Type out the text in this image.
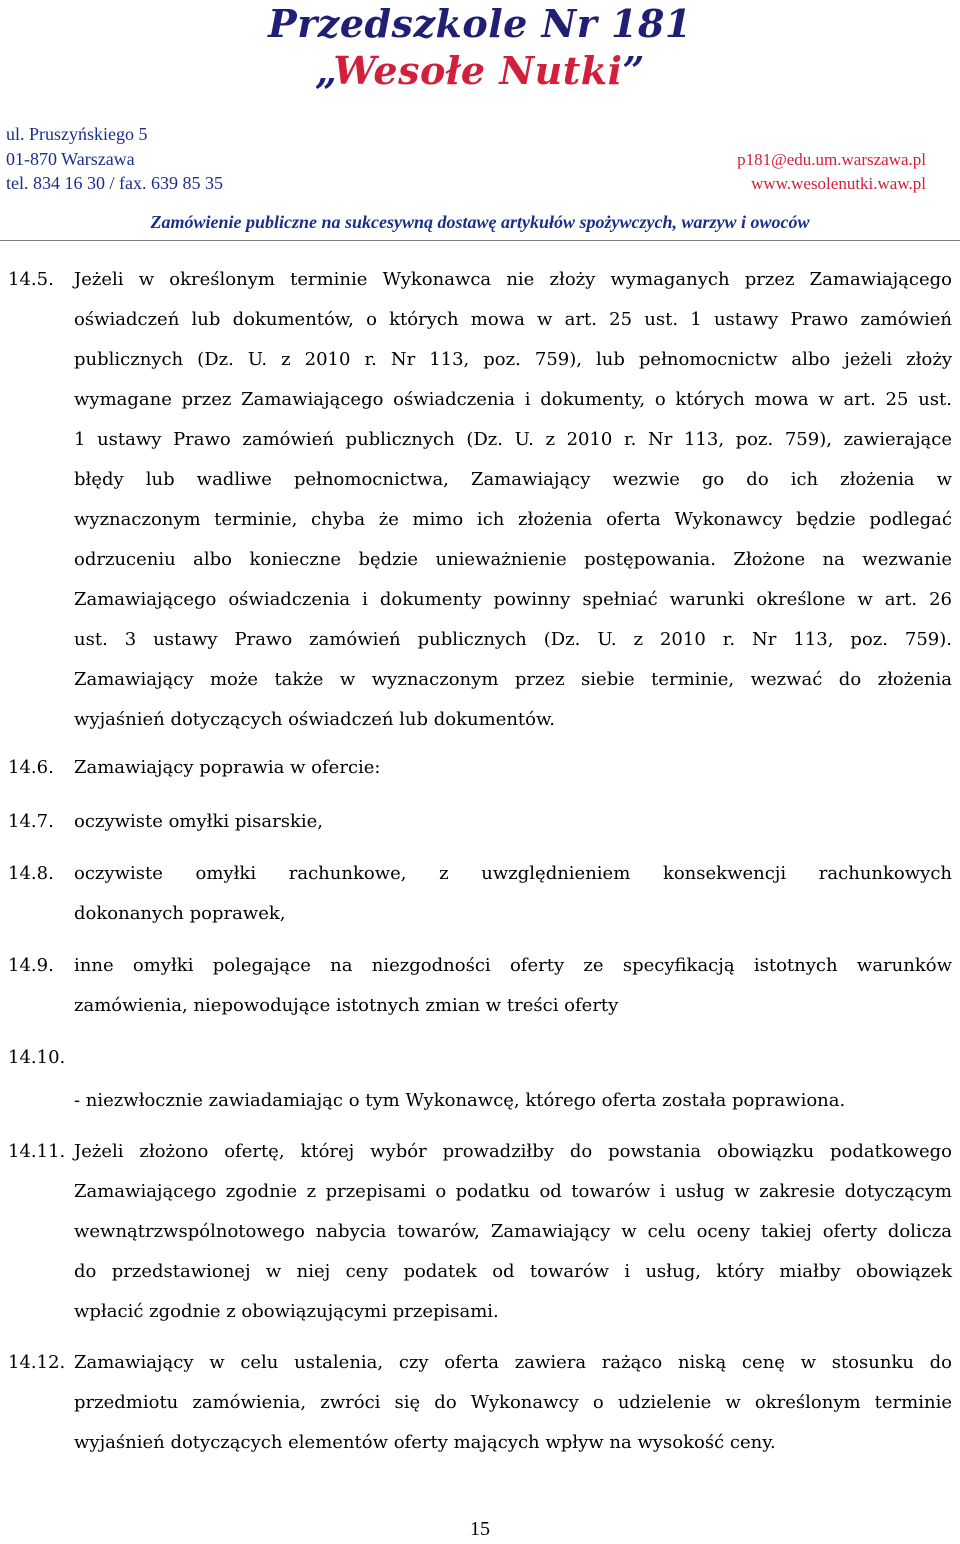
Przedszkole Nr 181
„Wesołe Nutki”
ul. Pruszyńskiego 5
01-870 Warszawa
tel. 834 16 30 / fax. 639 85 35
p181@edu.um.warszawa.pl
www.wesolenutki.waw.pl
Zamówienie publiczne na sukcesywną dostawę artykułów spożywczych, warzyw i owoców
14.5. Jeżeli w określonym terminie Wykonawca nie złoży wymaganych przez Zamawiającego
oświadczeń lub dokumentów, o których mowa w art. 25 ust. 1 ustawy Prawo zamówień
publicznych (Dz. U. z 2010 r. Nr 113, poz. 759), lub pełnomocnictw albo jeżeli złoży
wymagane przez Zamawiającego oświadczenia i dokumenty, o których mowa w art. 25 ust.
1 ustawy Prawo zamówień publicznych (Dz. U. z 2010 r. Nr 113, poz. 759), zawierające
błędy lub wadliwe pełnomocnictwa, Zamawiający wezwie go do ich złożenia w
wyznaczonym terminie, chyba że mimo ich złożenia oferta Wykonawcy będzie podlegać
odrzuceniu albo konieczne będzie unieważnienie postępowania. Złożone na wezwanie
Zamawiającego oświadczenia i dokumenty powinny spełniać warunki określone w art. 26
ust. 3 ustawy Prawo zamówień publicznych (Dz. U. z 2010 r. Nr 113, poz. 759).
Zamawiający może także w wyznaczonym przez siebie terminie, wezwać do złożenia
wyjaśnień dotyczących oświadczeń lub dokumentów.
14.6. Zamawiający poprawia w ofercie:
14.7. oczywiste omyłki pisarskie,
14.8. oczywiste omyłki rachunkowe, z uwzględnieniem konsekwencji rachunkowych
dokonanych poprawek,
14.9. inne omyłki polegające na niezgodności oferty ze specyfikacją istotnych warunków
zamówienia, niepowodujące istotnych zmian w treści oferty
14.10.
- niezwłocznie zawiadamiając o tym Wykonawcę, którego oferta została poprawiona.
14.11. Jeżeli złożono ofertę, której wybór prowadziłby do powstania obowiązku podatkowego
Zamawiającego zgodnie z przepisami o podatku od towarów i usług w zakresie dotyczącym
wewnątrzwspólnotowego nabycia towarów, Zamawiający w celu oceny takiej oferty dolicza
do przedstawionej w niej ceny podatek od towarów i usług, który miałby obowiązek
wpłacić zgodnie z obowiązującymi przepisami.
14.12. Zamawiający w celu ustalenia, czy oferta zawiera rażąco niską cenę w stosunku do
przedmiotu zamówienia, zwróci się do Wykonawcy o udzielenie w określonym terminie
wyjaśnień dotyczących elementów oferty mających wpływ na wysokość ceny.
15
